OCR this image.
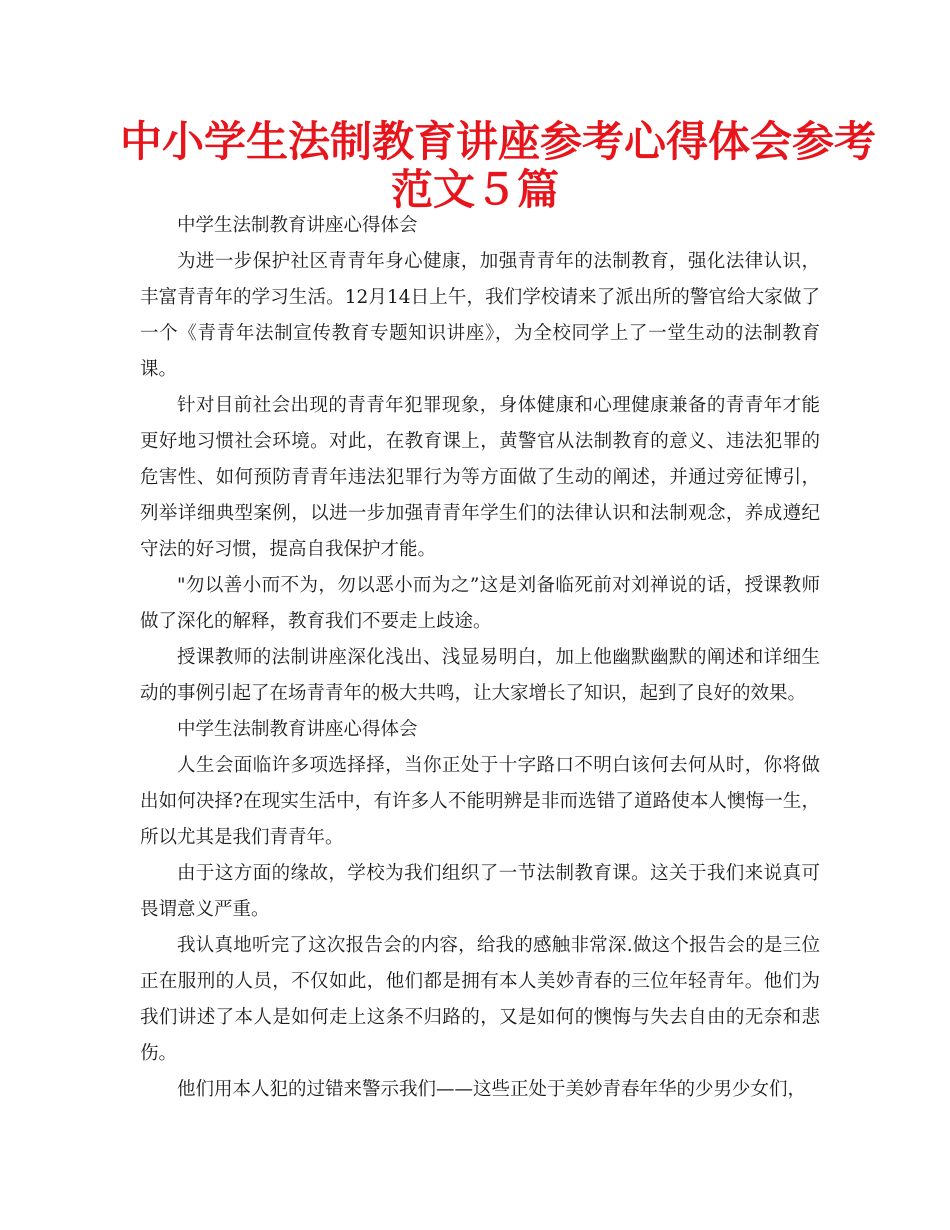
中小学生法制教育讲座参考心得体会参考
范文５篇

中学生法制教育讲座心得体会

为进一步保护社区青青年身心健康，加强青青年的法制教育，强化法律认识，丰富青青年的学习生活。12月14日上午，我们学校请来了派出所的警官给大家做了一个《青青年法制宣传教育专题知识讲座》，为全校同学上了一堂生动的法制教育课。

针对目前社会出现的青青年犯罪现象，身体健康和心理健康兼备的青青年才能更好地习惯社会环境。对此，在教育课上，黄警官从法制教育的意义、违法犯罪的危害性、如何预防青青年违法犯罪行为等方面做了生动的阐述，并通过旁征博引，列举详细典型案例，以进一步加强青青年学生们的法律认识和法制观念，养成遵纪守法的好习惯，提高自我保护才能。

"勿以善小而不为，勿以恶小而为之”这是刘备临死前对刘禅说的话，授课教师做了深化的解释，教育我们不要走上歧途。

授课教师的法制讲座深化浅出、浅显易明白，加上他幽默幽默的阐述和详细生动的事例引起了在场青青年的极大共鸣，让大家增长了知识，起到了良好的效果。

中学生法制教育讲座心得体会

人生会面临许多项选择择，当你正处于十字路口不明白该何去何从时，你将做出如何决择?在现实生活中，有许多人不能明辨是非而选错了道路使本人懊悔一生，所以尤其是我们青青年。

由于这方面的缘故，学校为我们组织了一节法制教育课。这关于我们来说真可畏谓意义严重。

我认真地听完了这次报告会的内容，给我的感触非常深.做这个报告会的是三位正在服刑的人员，不仅如此，他们都是拥有本人美妙青春的三位年轻青年。他们为我们讲述了本人是如何走上这条不归路的，又是如何的懊悔与失去自由的无奈和悲伤。

他们用本人犯的过错来警示我们——这些正处于美妙青春年华的少男少女们，
